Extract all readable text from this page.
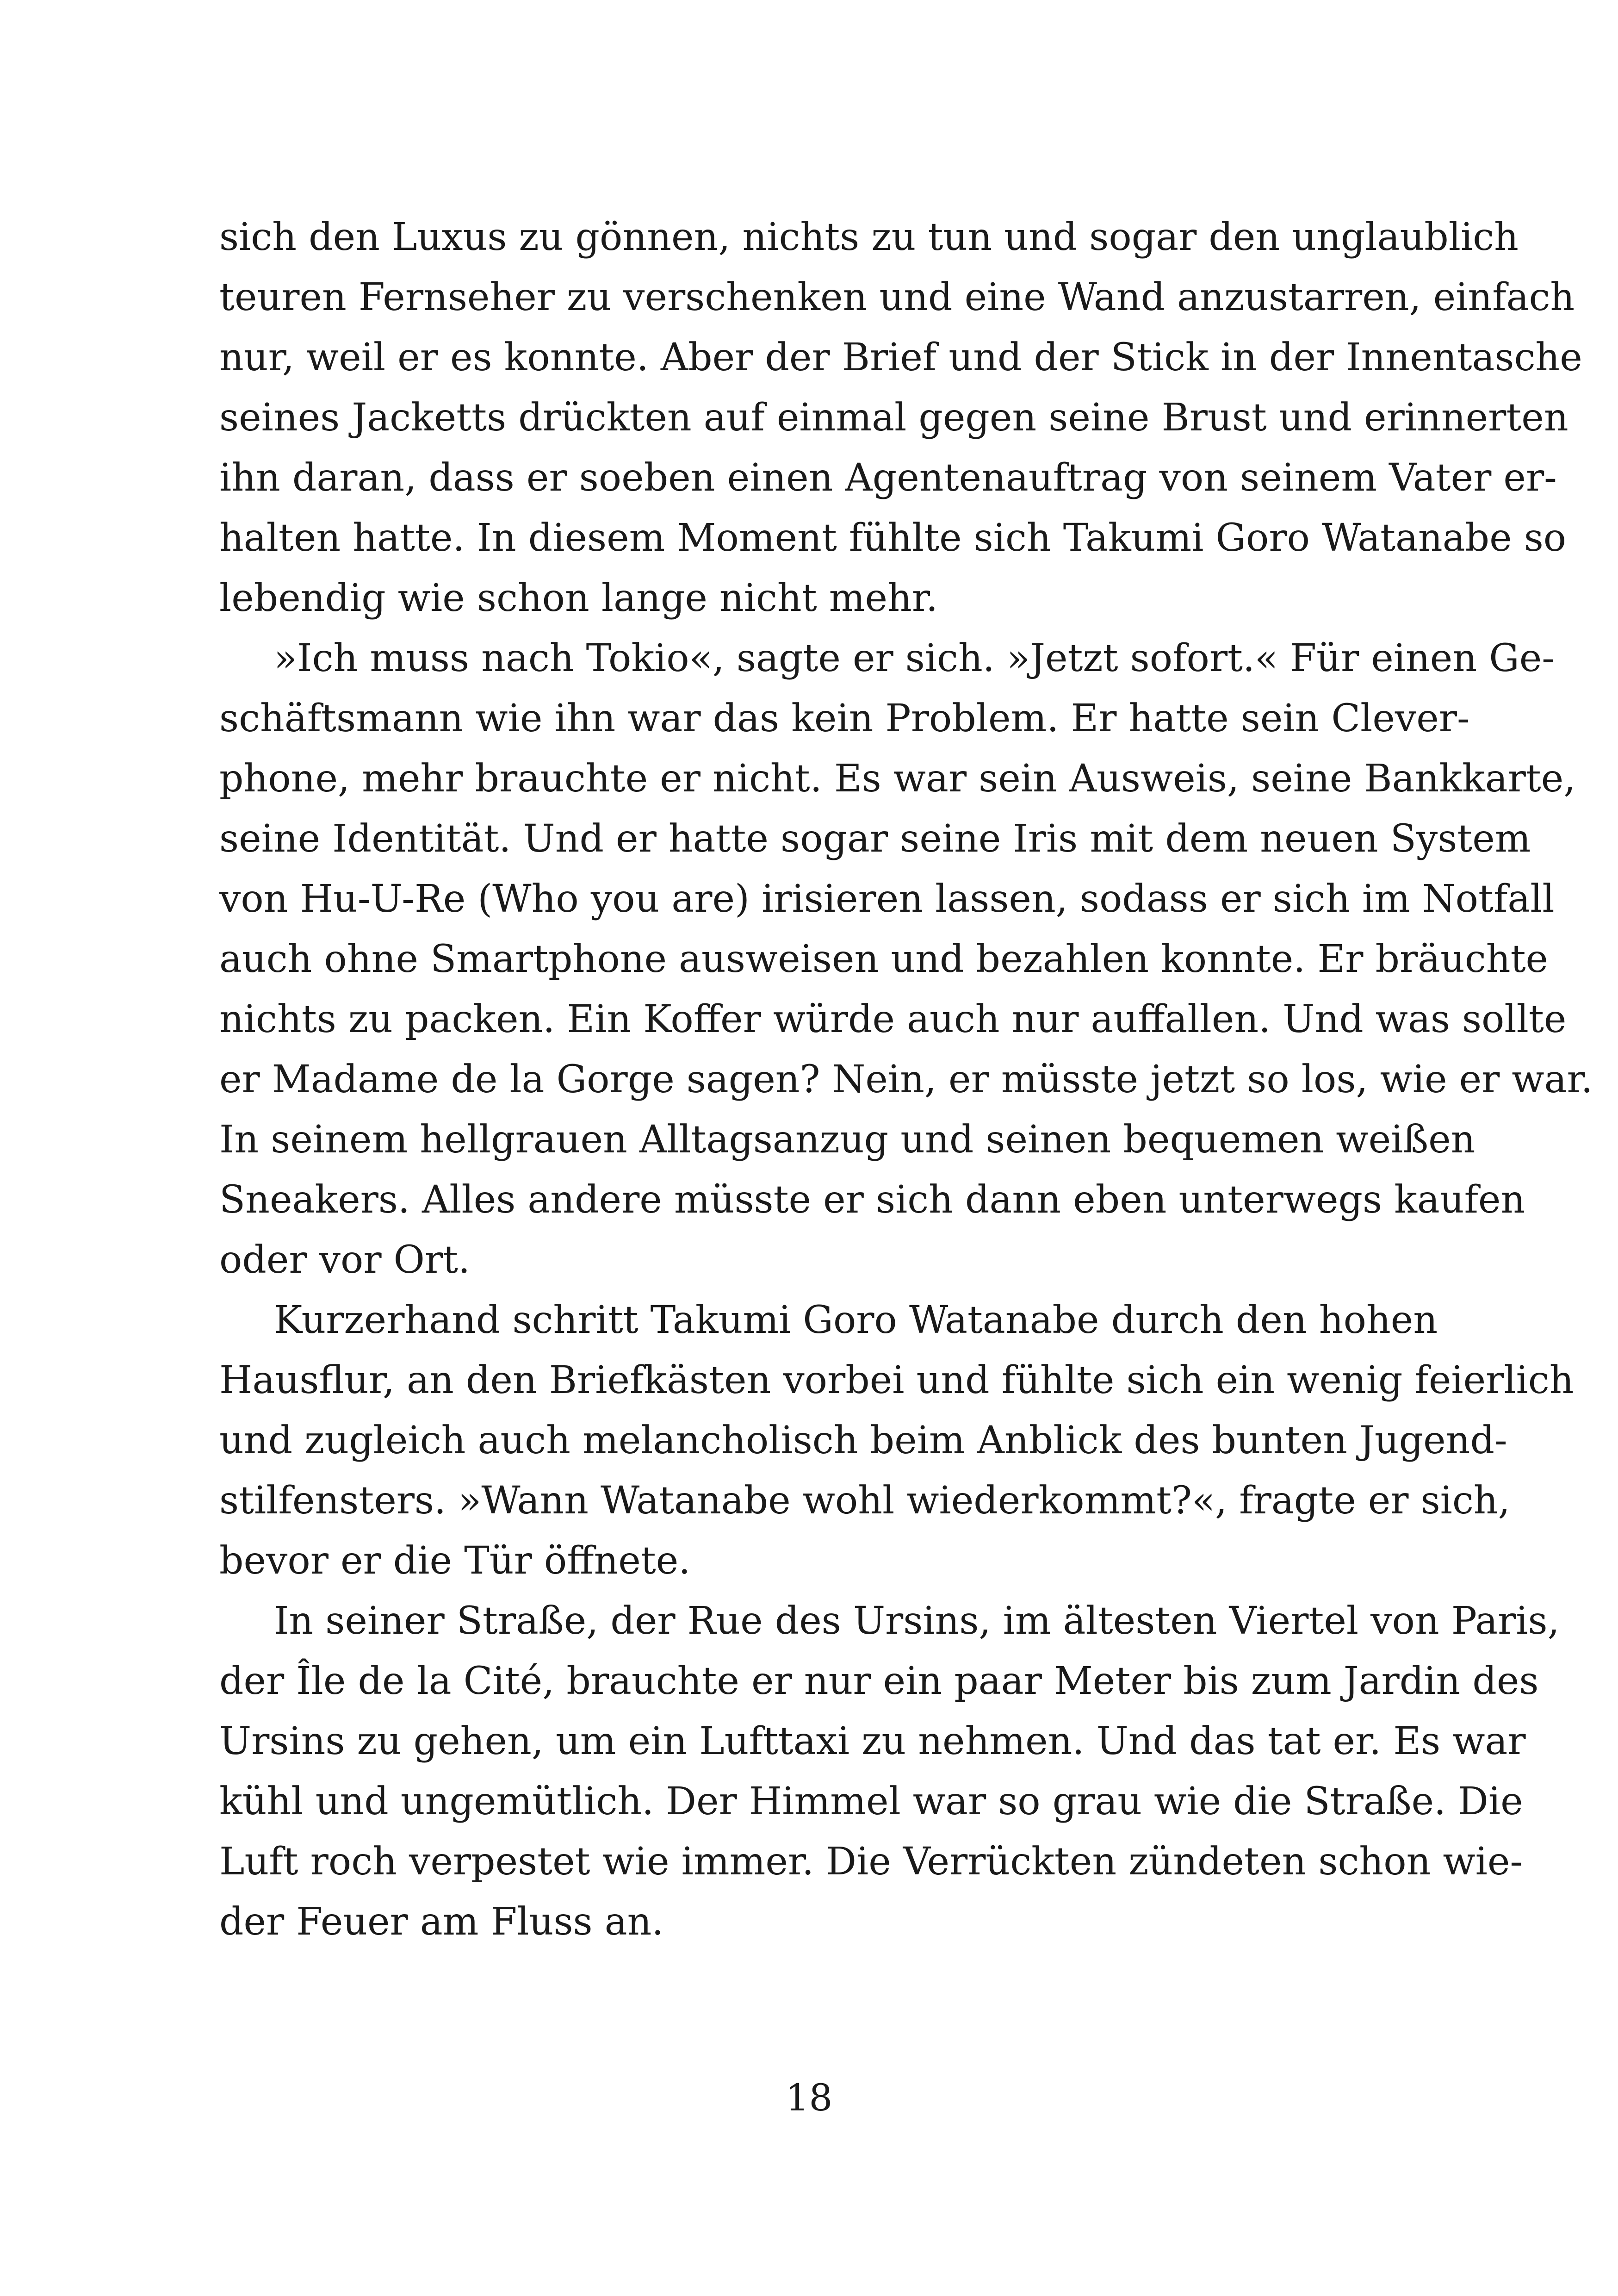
sich den Luxus zu gönnen, nichts zu tun und sogar den unglaublich
teuren Fernseher zu verschenken und eine Wand anzustarren, einfach
nur, weil er es konnte. Aber der Brief und der Stick in der Innentasche
seines Jacketts drückten auf einmal gegen seine Brust und erinnerten
ihn daran, dass er soeben einen Agentenauftrag von seinem Vater er-
halten hatte. In diesem Moment fühlte sich Takumi Goro Watanabe so
lebendig wie schon lange nicht mehr.
»Ich muss nach Tokio«, sagte er sich. »Jetzt sofort.« Für einen Ge-
schäftsmann wie ihn war das kein Problem. Er hatte sein Clever-
phone, mehr brauchte er nicht. Es war sein Ausweis, seine Bankkarte,
seine Identität. Und er hatte sogar seine Iris mit dem neuen System
von Hu-U-Re (Who you are) irisieren lassen, sodass er sich im Notfall
auch ohne Smartphone ausweisen und bezahlen konnte. Er bräuchte
nichts zu packen. Ein Koffer würde auch nur auffallen. Und was sollte
er Madame de la Gorge sagen? Nein, er müsste jetzt so los, wie er war.
In seinem hellgrauen Alltagsanzug und seinen bequemen weißen
Sneakers. Alles andere müsste er sich dann eben unterwegs kaufen
oder vor Ort.
Kurzerhand schritt Takumi Goro Watanabe durch den hohen
Hausflur, an den Briefkästen vorbei und fühlte sich ein wenig feierlich
und zugleich auch melancholisch beim Anblick des bunten Jugend-
stilfensters. »Wann Watanabe wohl wiederkommt?«, fragte er sich,
bevor er die Tür öffnete.
In seiner Straße, der Rue des Ursins, im ältesten Viertel von Paris,
der Île de la Cité, brauchte er nur ein paar Meter bis zum Jardin des
Ursins zu gehen, um ein Lufttaxi zu nehmen. Und das tat er. Es war
kühl und ungemütlich. Der Himmel war so grau wie die Straße. Die
Luft roch verpestet wie immer. Die Verrückten zündeten schon wie-
der Feuer am Fluss an.
18
